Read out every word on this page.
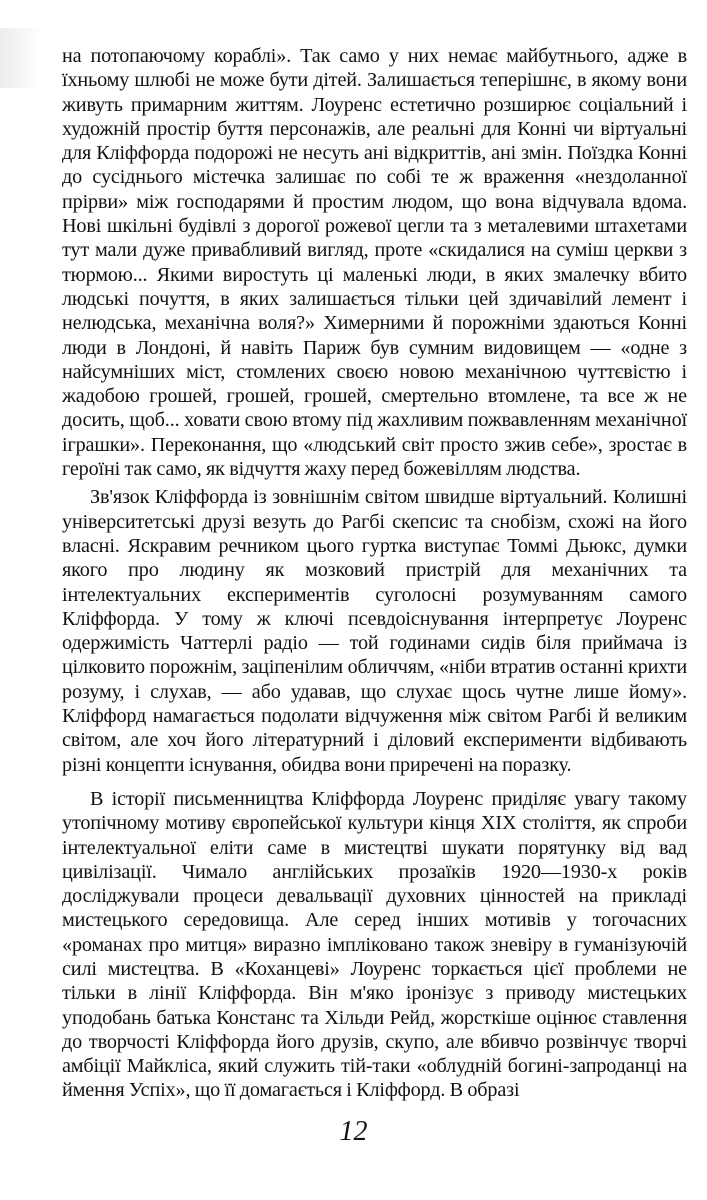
на потопаючому кораблі». Так само у них немає майбутнього, адже в їхньому шлюбі не може бути дітей. Залишається теперішнє, в якому вони живуть примарним життям. Лоуренс естетично розширює соціальний і художній простір буття персонажів, але реальні для Конні чи віртуальні для Кліффорда подорожі не несуть ані відкриттів, ані змін. Поїздка Конні до сусіднього містечка залишає по собі те ж враження «нездоланної прірви» між господарями й простим людом, що вона відчувала вдома. Нові шкільні будівлі з дорогої рожевої цегли та з металевими штахетами тут мали дуже привабливий вигляд, проте «скидалися на суміш церкви з тюрмою... Якими виростуть ці маленькі люди, в яких змалечку вбито людські почуття, в яких залишається тільки цей здичавілий лемент і нелюдська, механічна воля?» Химерними й порожніми здаються Конні люди в Лондоні, й навіть Париж був сумним видовищем — «одне з найсумніших міст, стомлених своєю новою механічною чуттєвістю і жадобою грошей, грошей, грошей, смертельно втомлене, та все ж не досить, щоб... ховати свою втому під жахливим пожвавленням механічної іграшки». Переконання, що «людський світ просто зжив себе», зростає в героїні так само, як відчуття жаху перед божевіллям людства.

Зв'язок Кліффорда із зовнішнім світом швидше віртуальний. Колишні університетські друзі везуть до Рагбі скепсис та снобізм, схожі на його власні. Яскравим речником цього гуртка виступає Томмі Дьюкс, думки якого про людину як мозковий пристрій для механічних та інтелектуальних експериментів суголосні розумуванням самого Кліффорда. У тому ж ключі псевдоіснування інтерпретує Лоуренс одержимість Чаттерлі радіо — той годинами сидів біля приймача із цілковито порожнім, заціпенілим обличчям, «ніби втратив останні крихти розуму, і слухав, — або удавав, що слухає щось чутне лише йому». Кліффорд намагається подолати відчуження між світом Рагбі й великим світом, але хоч його літературний і діловий експерименти відбивають різні концепти існування, обидва вони приречені на поразку.

В історії письменництва Кліффорда Лоуренс приділяє увагу такому утопічному мотиву європейської культури кінця XIX століття, як спроби інтелектуальної еліти саме в мистецтві шукати порятунку від вад цивілізації. Чимало англійських прозаїків 1920—1930-х років досліджували процеси девальвації духовних цінностей на прикладі мистецького середовища. Але серед інших мотивів у тогочасних «романах про митця» виразно імпліковано також зневіру в гуманізуючій силі мистецтва. В «Коханцеві» Лоуренс торкається цієї проблеми не тільки в лінії Кліффорда. Він м'яко іронізує з приводу мистецьких уподобань батька Констанс та Хільди Рейд, жорсткіше оцінює ставлення до творчості Кліффорда його друзів, скупо, але вбивчо розвінчує творчі амбіції Майкліса, який служить тій-таки «облудній богині-запроданці на ймення Успіх», що її домагається і Кліффорд. В образі

12
